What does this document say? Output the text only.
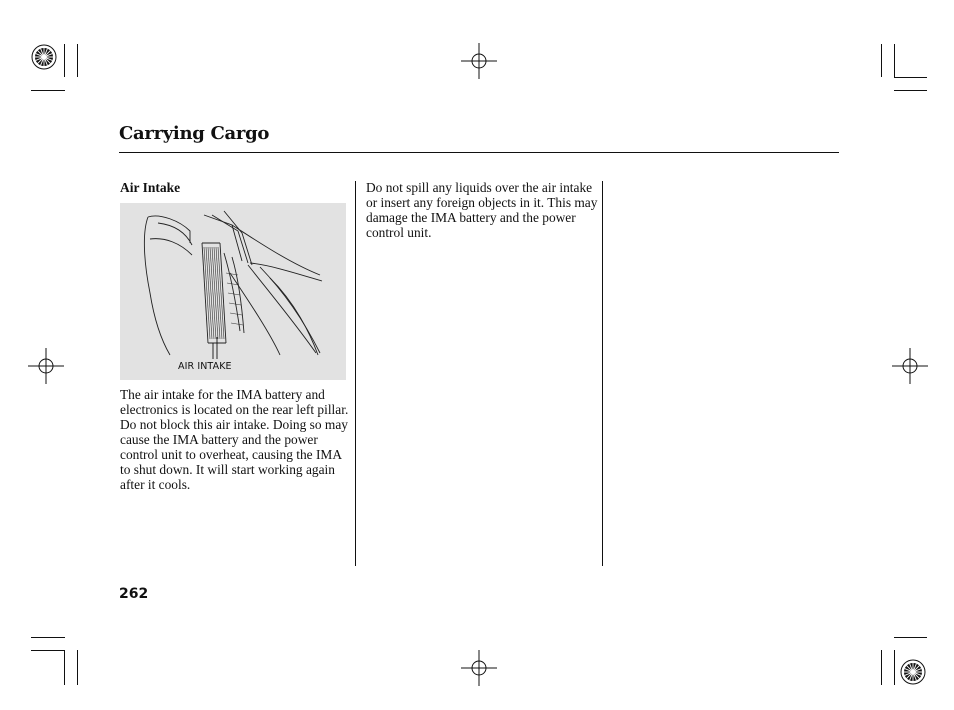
Carrying Cargo
Air Intake
AIR INTAKE

The air intake for the IMA battery and electronics is located on the rear left pillar. Do not block this air intake. Doing so may cause the IMA battery and the power control unit to overheat, causing the IMA to shut down. It will start working again after it cools.

Do not spill any liquids over the air intake or insert any foreign objects in it. This may damage the IMA battery and the power control unit.

262
